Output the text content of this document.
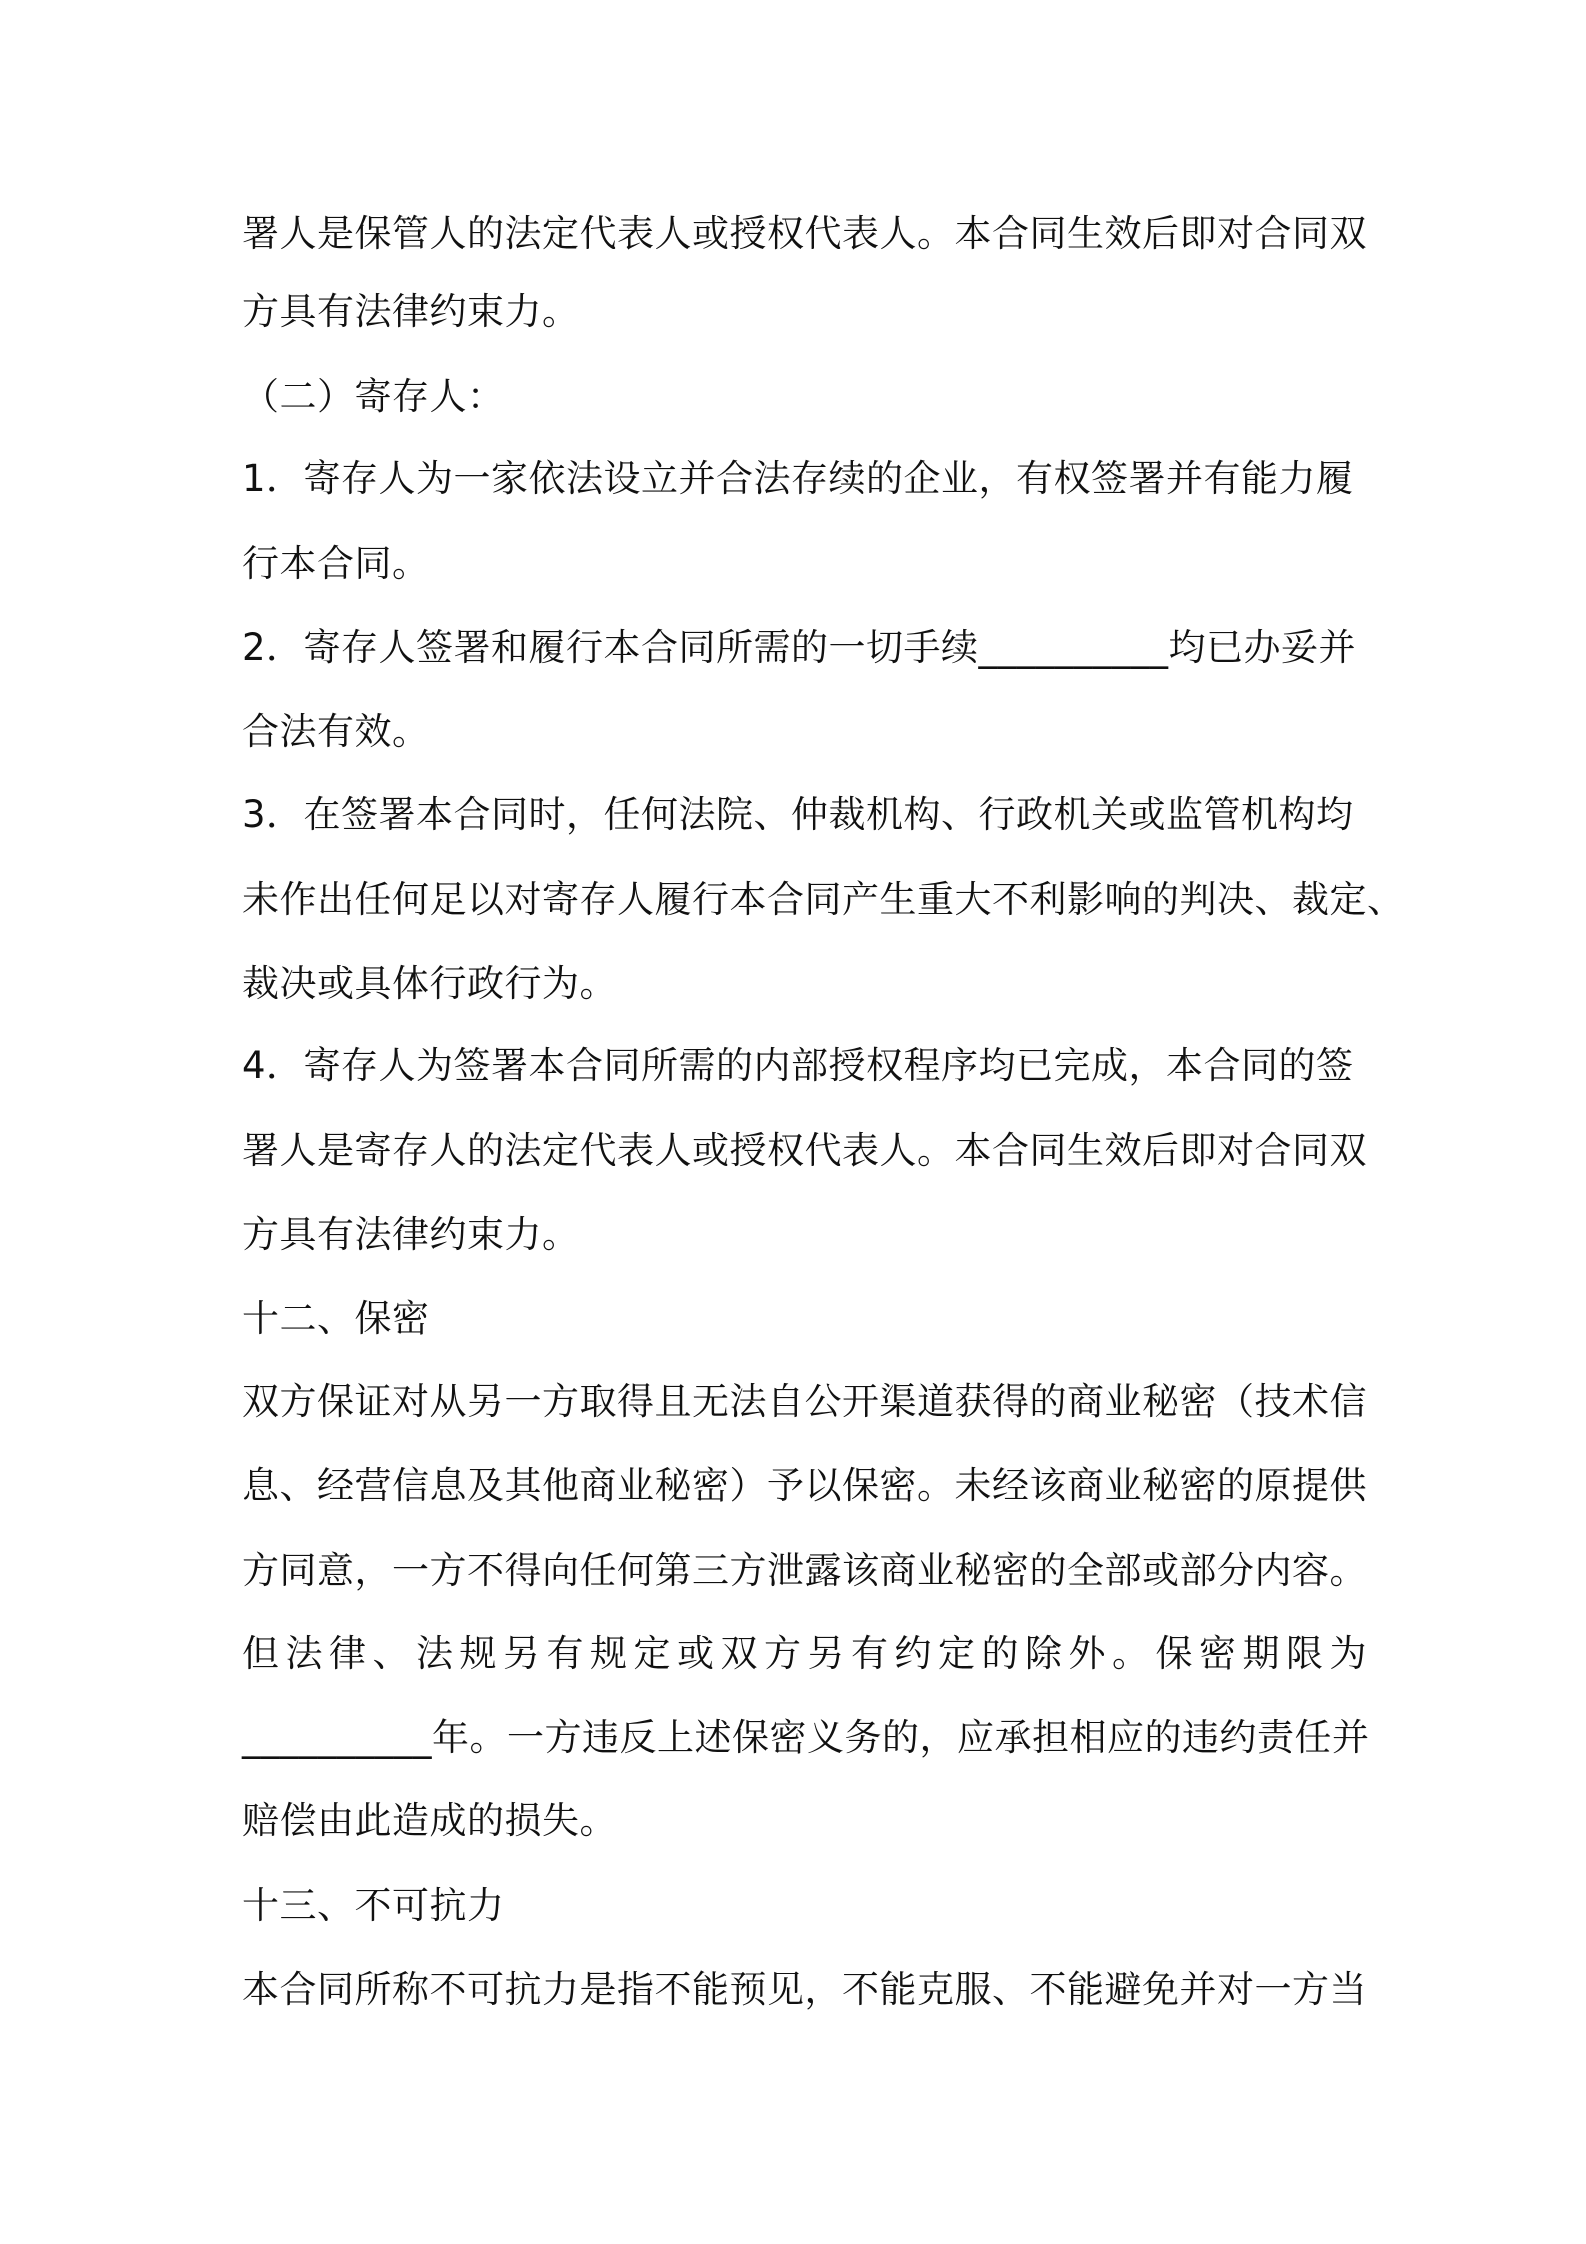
署人是保管人的法定代表人或授权代表人。本合同生效后即对合同双
方具有法律约束力。
（二）寄存人：
1．寄存人为一家依法设立并合法存续的企业，有权签署并有能力履
行本合同。
2．寄存人签署和履行本合同所需的一切手续__________均已办妥并
合法有效。
3．在签署本合同时，任何法院、仲裁机构、行政机关或监管机构均
未作出任何足以对寄存人履行本合同产生重大不利影响的判决、裁定、
裁决或具体行政行为。
4．寄存人为签署本合同所需的内部授权程序均已完成，本合同的签
署人是寄存人的法定代表人或授权代表人。本合同生效后即对合同双
方具有法律约束力。
十二、保密
双方保证对从另一方取得且无法自公开渠道获得的商业秘密（技术信
息、经营信息及其他商业秘密）予以保密。未经该商业秘密的原提供
方同意，一方不得向任何第三方泄露该商业秘密的全部或部分内容。
但法律、法规另有规定或双方另有约定的除外。保密期限为
__________年。一方违反上述保密义务的，应承担相应的违约责任并
赔偿由此造成的损失。
十三、不可抗力
本合同所称不可抗力是指不能预见，不能克服、不能避免并对一方当
